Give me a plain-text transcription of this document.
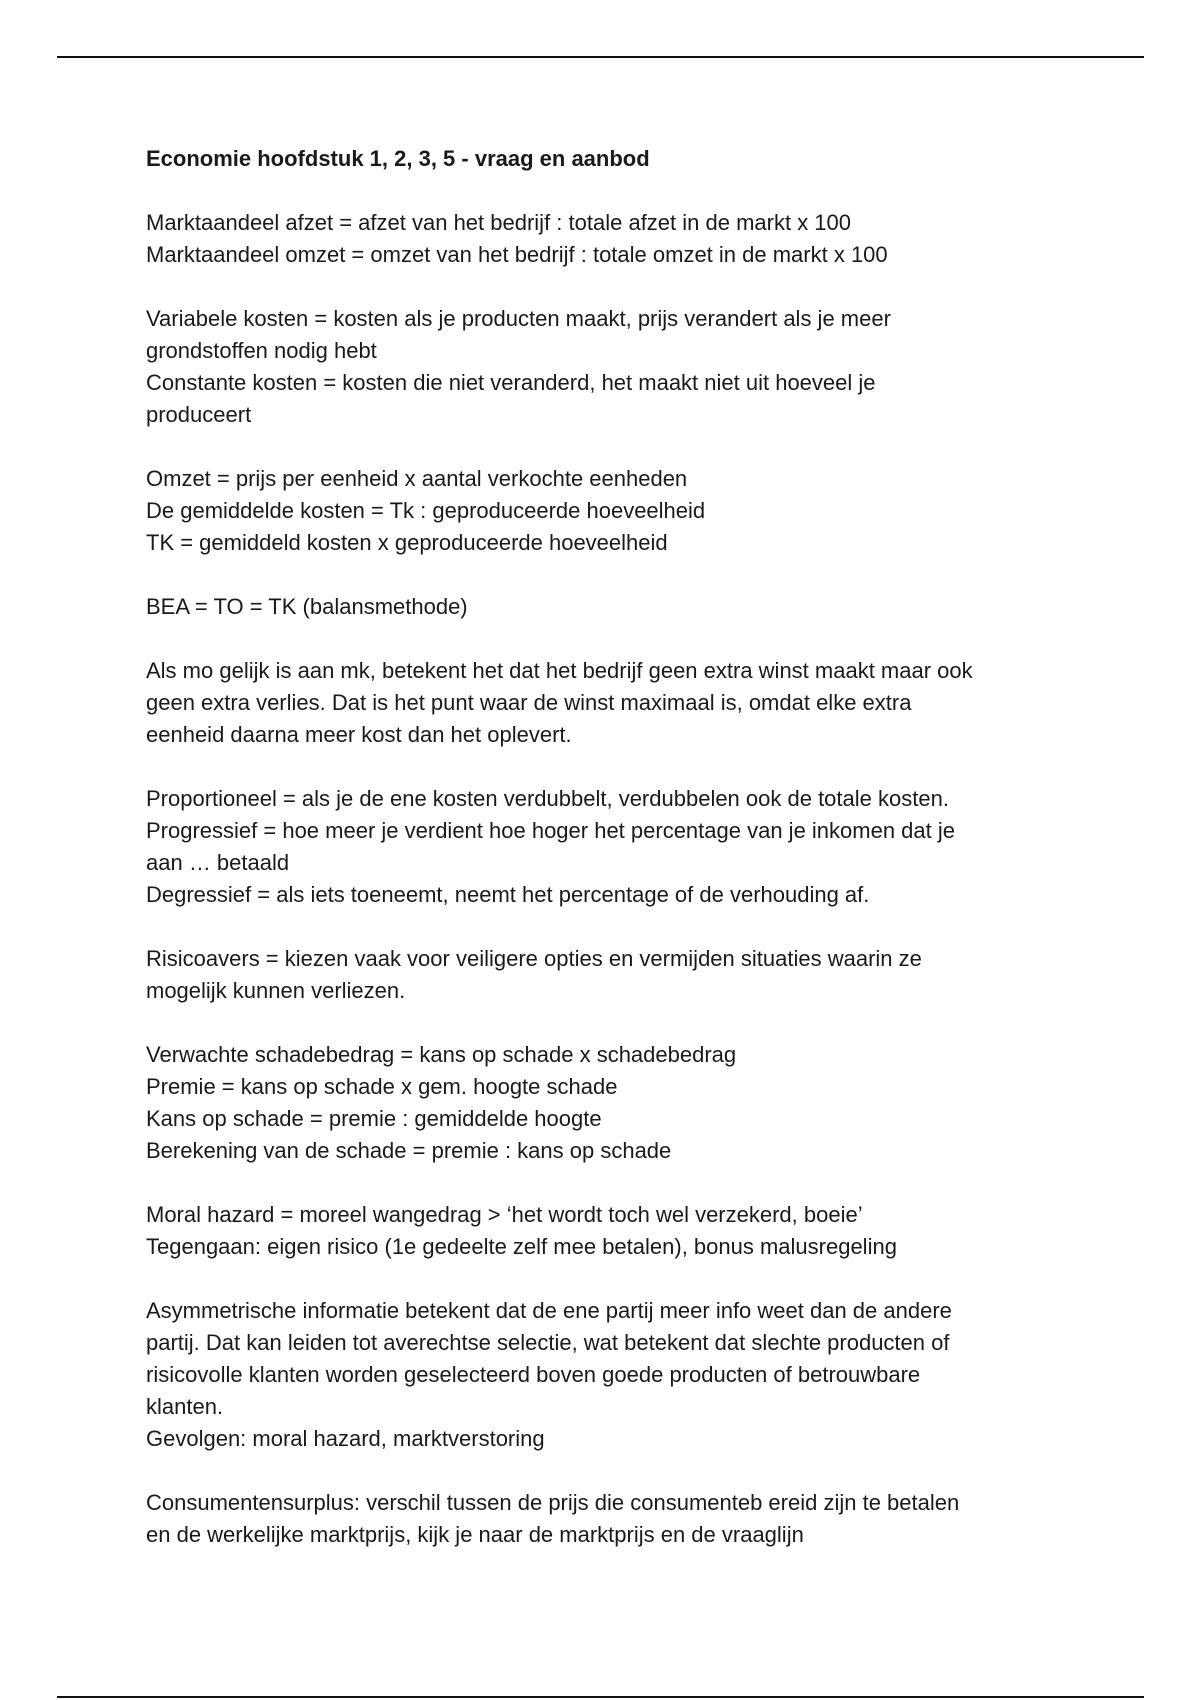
Economie hoofdstuk 1, 2, 3, 5 - vraag en aanbod
Marktaandeel afzet = afzet van het bedrijf : totale afzet in de markt x 100
Marktaandeel omzet = omzet van het bedrijf : totale omzet in de markt x 100
Variabele kosten = kosten als je producten maakt, prijs verandert als je meer
grondstoffen nodig hebt
Constante kosten = kosten die niet veranderd, het maakt niet uit hoeveel je
produceert
Omzet = prijs per eenheid x aantal verkochte eenheden
De gemiddelde kosten = Tk : geproduceerde hoeveelheid
TK = gemiddeld kosten x geproduceerde hoeveelheid
BEA = TO = TK (balansmethode)
Als mo gelijk is aan mk, betekent het dat het bedrijf geen extra winst maakt maar ook
geen extra verlies. Dat is het punt waar de winst maximaal is, omdat elke extra
eenheid daarna meer kost dan het oplevert.
Proportioneel = als je de ene kosten verdubbelt, verdubbelen ook de totale kosten.
Progressief = hoe meer je verdient hoe hoger het percentage van je inkomen dat je
aan … betaald
Degressief = als iets toeneemt, neemt het percentage of de verhouding af.
Risicoavers = kiezen vaak voor veiligere opties en vermijden situaties waarin ze
mogelijk kunnen verliezen.
Verwachte schadebedrag = kans op schade x schadebedrag
Premie = kans op schade x gem. hoogte schade
Kans op schade = premie : gemiddelde hoogte
Berekening van de schade = premie : kans op schade
Moral hazard = moreel wangedrag > ‘het wordt toch wel verzekerd, boeie’
Tegengaan: eigen risico (1e gedeelte zelf mee betalen), bonus malusregeling
Asymmetrische informatie betekent dat de ene partij meer info weet dan de andere
partij. Dat kan leiden tot averechtse selectie, wat betekent dat slechte producten of
risicovolle klanten worden geselecteerd boven goede producten of betrouwbare
klanten.
Gevolgen: moral hazard, marktverstoring
Consumentensurplus: verschil tussen de prijs die consumenteb ereid zijn te betalen
en de werkelijke marktprijs, kijk je naar de marktprijs en de vraaglijn
